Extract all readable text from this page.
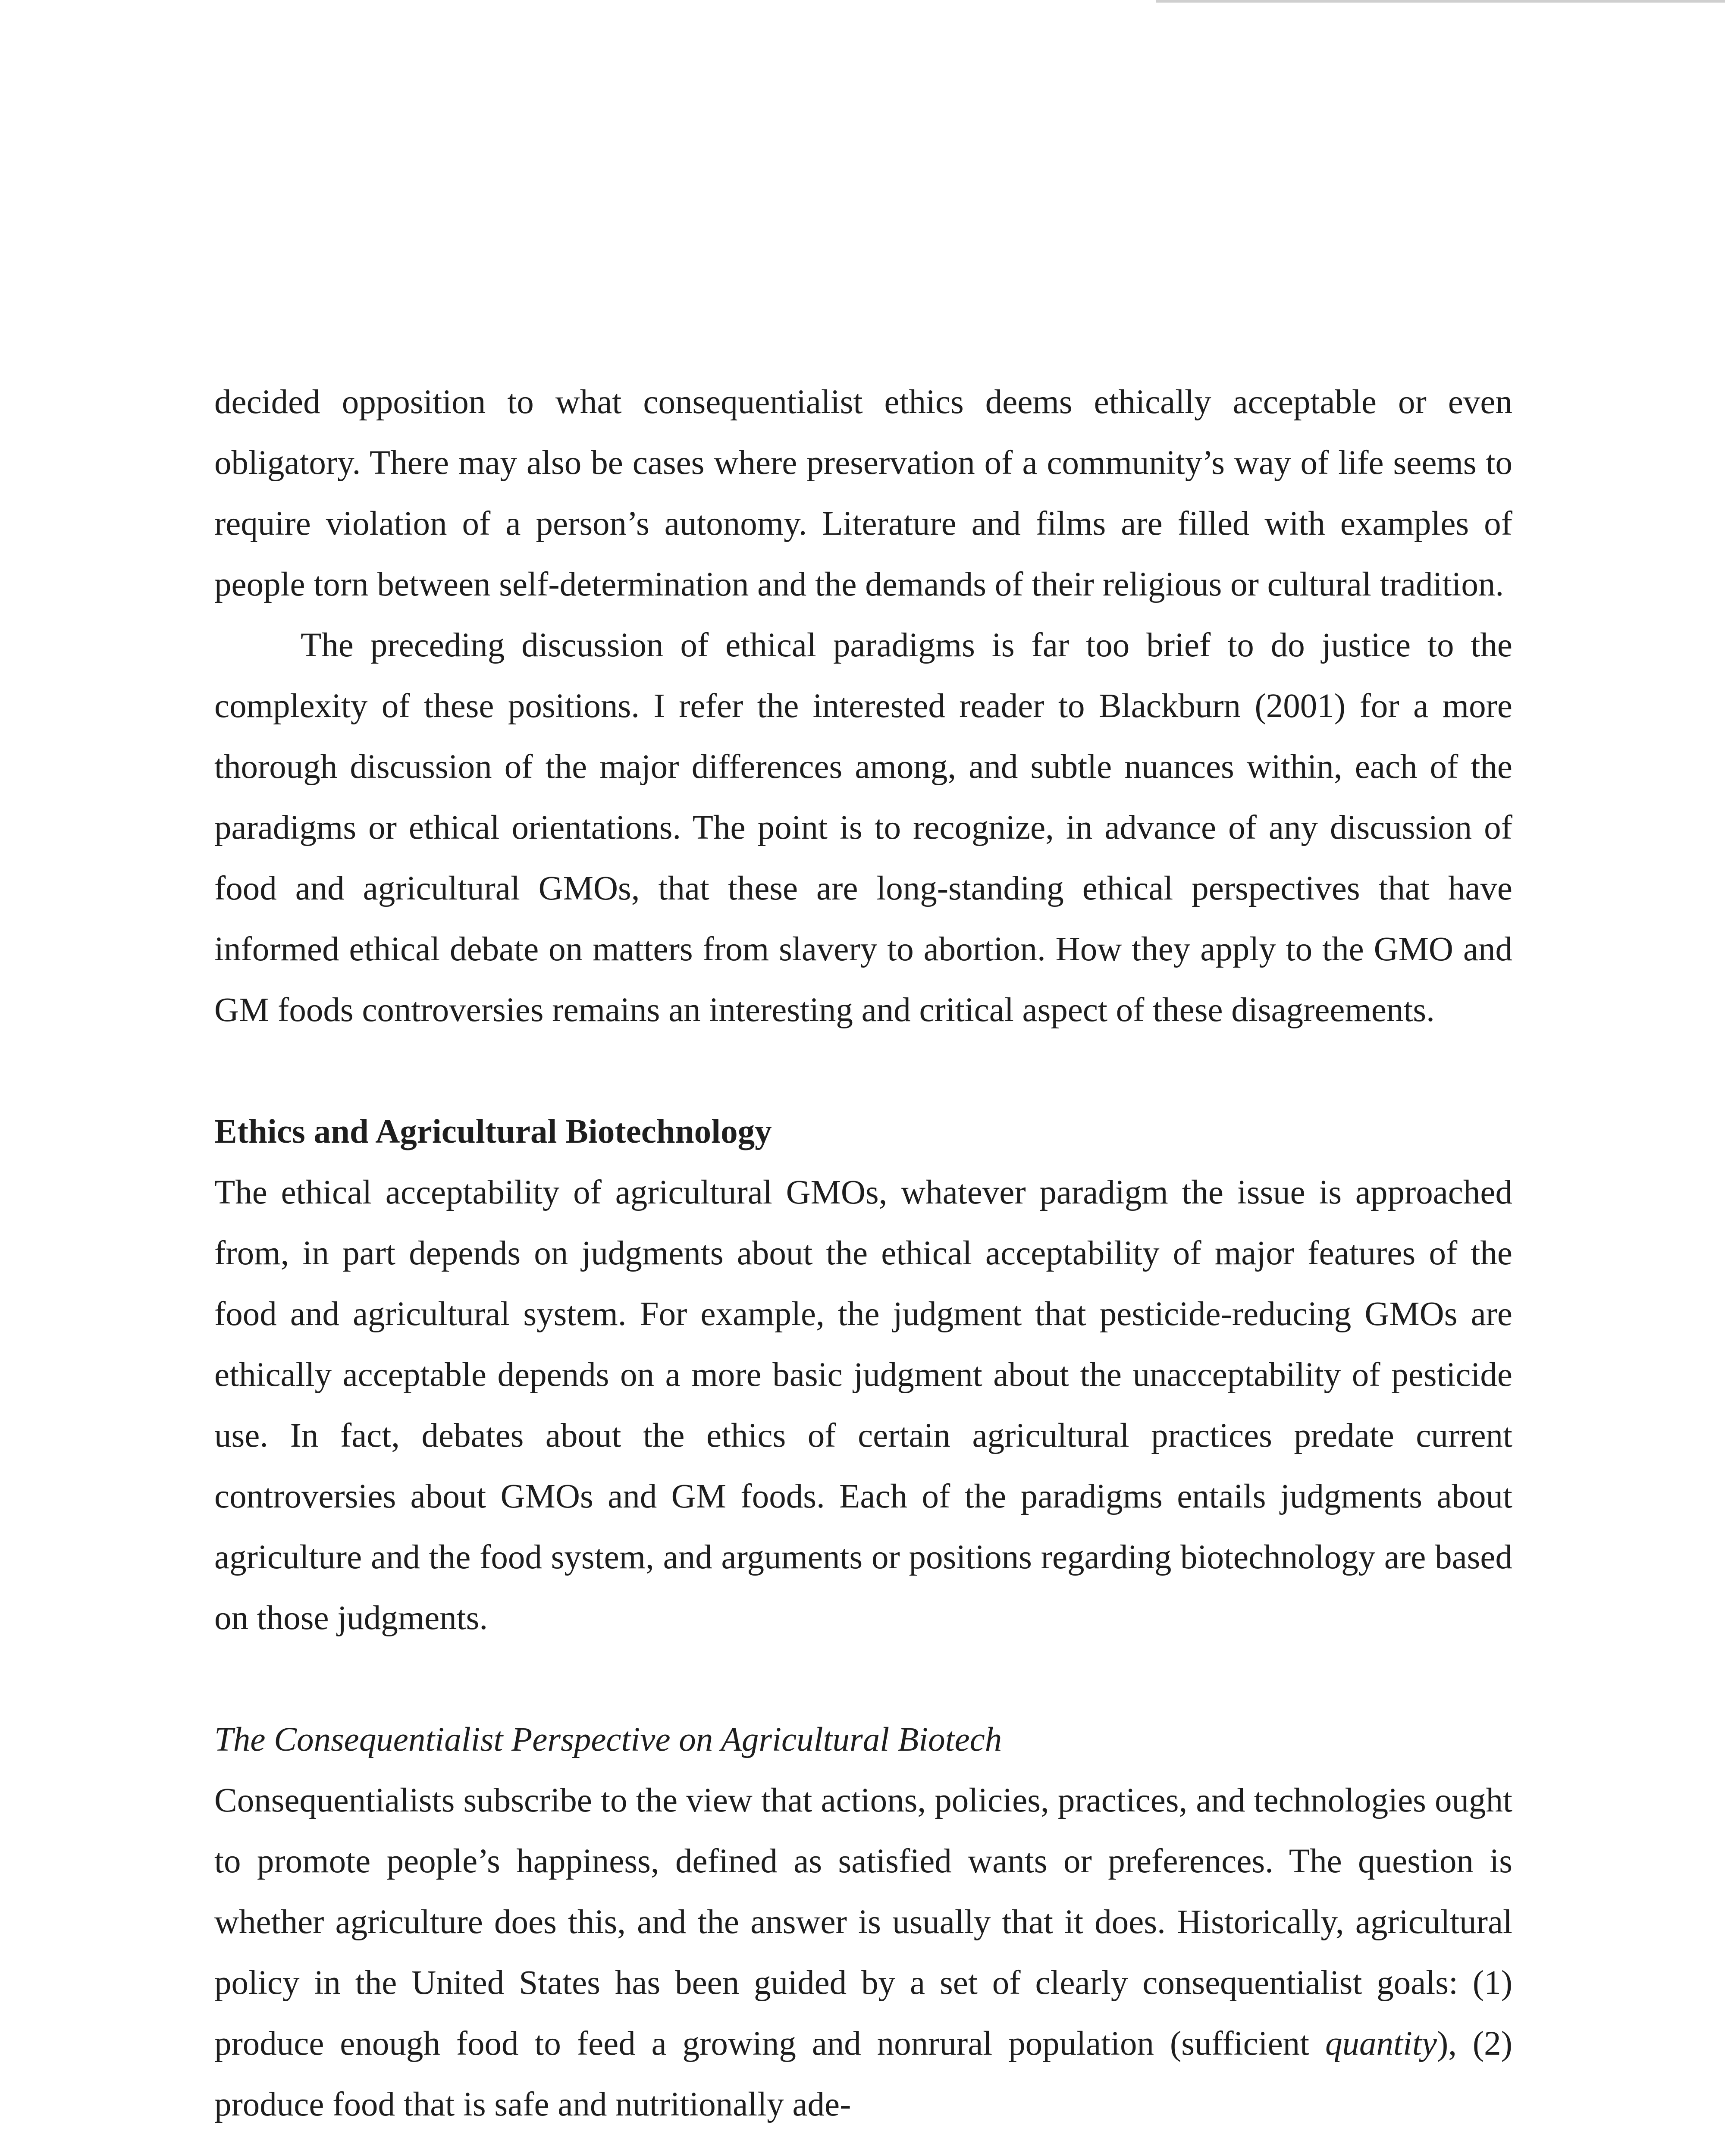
decided opposition to what consequentialist ethics deems ethically acceptable or even obligatory. There may also be cases where preservation of a community’s way of life seems to require violation of a person’s autonomy. Literature and films are filled with examples of people torn between self-determination and the demands of their religious or cultural tradition.

The preceding discussion of ethical paradigms is far too brief to do justice to the complexity of these positions. I refer the interested reader to Blackburn (2001) for a more thorough discussion of the major differences among, and subtle nuances within, each of the paradigms or ethical orientations. The point is to recognize, in advance of any discussion of food and agricultural GMOs, that these are long-standing ethical perspectives that have informed ethical debate on matters from slavery to abortion. How they apply to the GMO and GM foods controversies remains an interesting and critical aspect of these disagreements.

Ethics and Agricultural Biotechnology

The ethical acceptability of agricultural GMOs, whatever paradigm the issue is approached from, in part depends on judgments about the ethical acceptability of major features of the food and agricultural system. For example, the judgment that pesticide-reducing GMOs are ethically acceptable depends on a more basic judgment about the unacceptability of pesticide use. In fact, debates about the ethics of certain agricultural practices predate current controversies about GMOs and GM foods. Each of the paradigms entails judgments about agriculture and the food system, and arguments or positions regarding biotechnology are based on those judgments.

The Consequentialist Perspective on Agricultural Biotech

Consequentialists subscribe to the view that actions, policies, practices, and technologies ought to promote people’s happiness, defined as satisfied wants or preferences. The question is whether agriculture does this, and the answer is usually that it does. Historically, agricultural policy in the United States has been guided by a set of clearly consequentialist goals: (1) produce enough food to feed a growing and nonrural population (sufficient quantity), (2) produce food that is safe and nutritionally ade-
